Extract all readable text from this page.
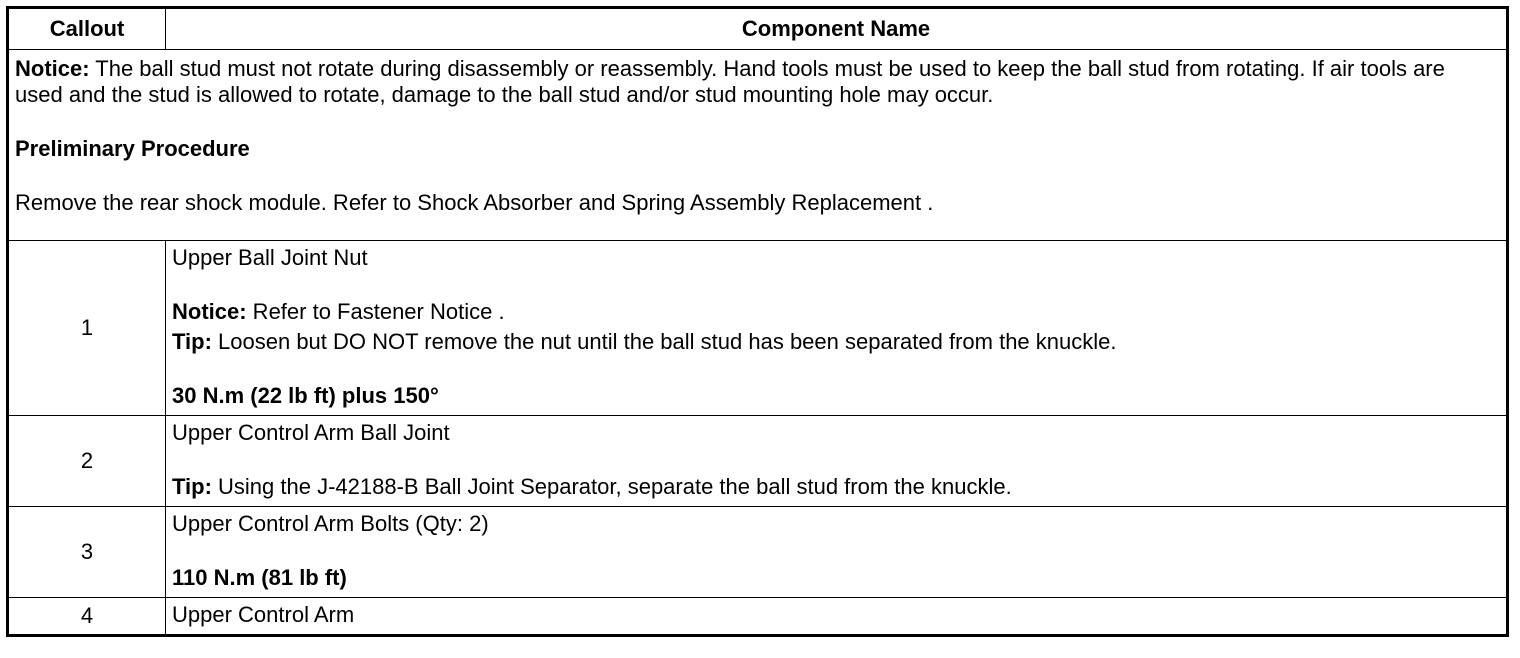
Callout	Component Name

Notice: The ball stud must not rotate during disassembly or reassembly. Hand tools must be used to keep the ball stud from rotating. If air tools are used and the stud is allowed to rotate, damage to the ball stud and/or stud mounting hole may occur.

Preliminary Procedure

Remove the rear shock module. Refer to Shock Absorber and Spring Assembly Replacement .	

1	Upper Ball Joint Nut

Notice: Refer to Fastener Notice .

Tip: Loosen but DO NOT remove the nut until the ball stud has been separated from the knuckle.

30 N.m (22 lb ft) plus 150°

2	Upper Control Arm Ball Joint

Tip: Using the J-42188-B Ball Joint Separator, separate the ball stud from the knuckle.

3	Upper Control Arm Bolts (Qty: 2)

110 N.m (81 lb ft)

4	Upper Control Arm
